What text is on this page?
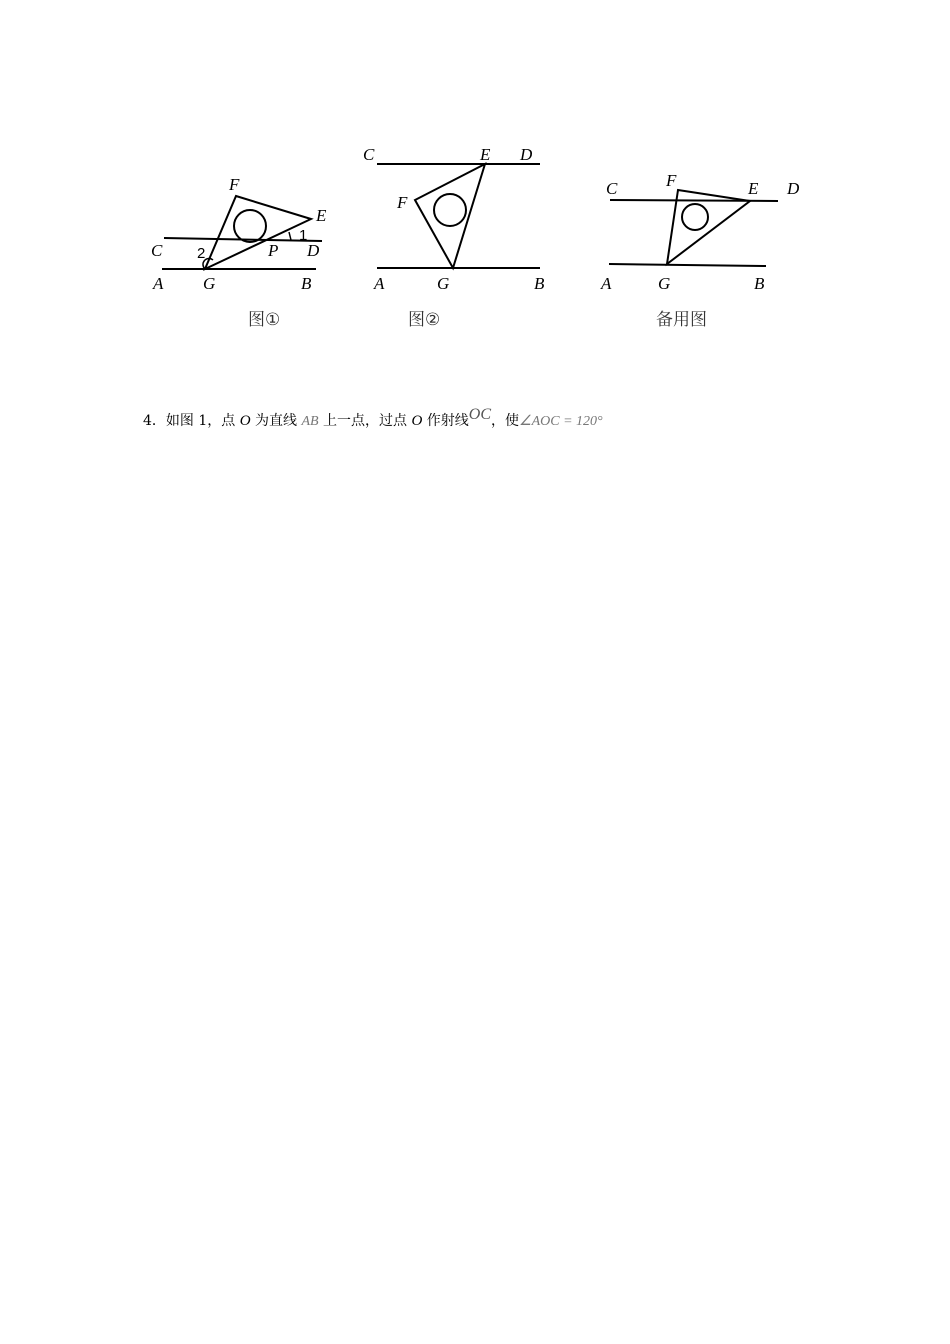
A G	B
C	D
P
E
F
1
2
图①
C	E D
F
A	G	B
图②
C	F	E D
A	G	B
备用图
4．如图 1，点 O 为直线 AB 上一点，过点 O 作射线OC，使∠AOC = 120°
